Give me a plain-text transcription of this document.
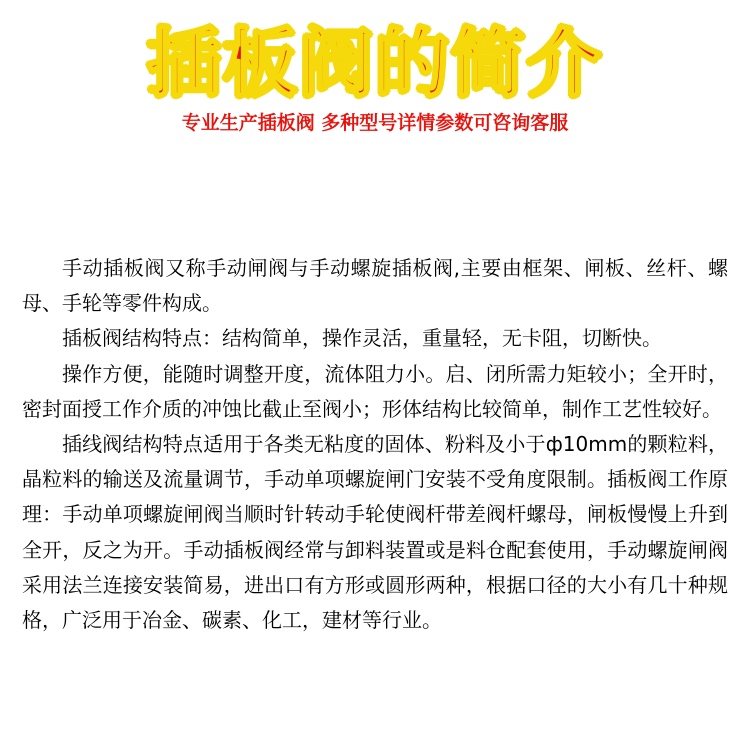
插板阀的简介
专业生产插板阀 多种型号详情参数可咨询客服

手动插板阀又称手动闸阀与手动螺旋插板阀,主要由框架、闸板、丝杆、螺母、手轮等零件构成。

插板阀结构特点：结构简单，操作灵活，重量轻，无卡阻，切断快。

操作方便，能随时调整开度，流体阻力小。启、闭所需力矩较小；全开时，密封面授工作介质的冲蚀比截止至阀小；形体结构比较简单，制作工艺性较好。

插线阀结构特点适用于各类无粘度的固体、粉料及小于ф10mm的颗粒料，晶粒料的输送及流量调节，手动单项螺旋闸门安装不受角度限制。插板阀工作原理：手动单项螺旋闸阀当顺时针转动手轮使阀杆带差阀杆螺母，闸板慢慢上升到全开，反之为开。手动插板阀经常与卸料装置或是料仓配套使用，手动螺旋闸阀采用法兰连接安装简易，进出口有方形或圆形两种，根据口径的大小有几十种规格，广泛用于冶金、碳素、化工，建材等行业。
